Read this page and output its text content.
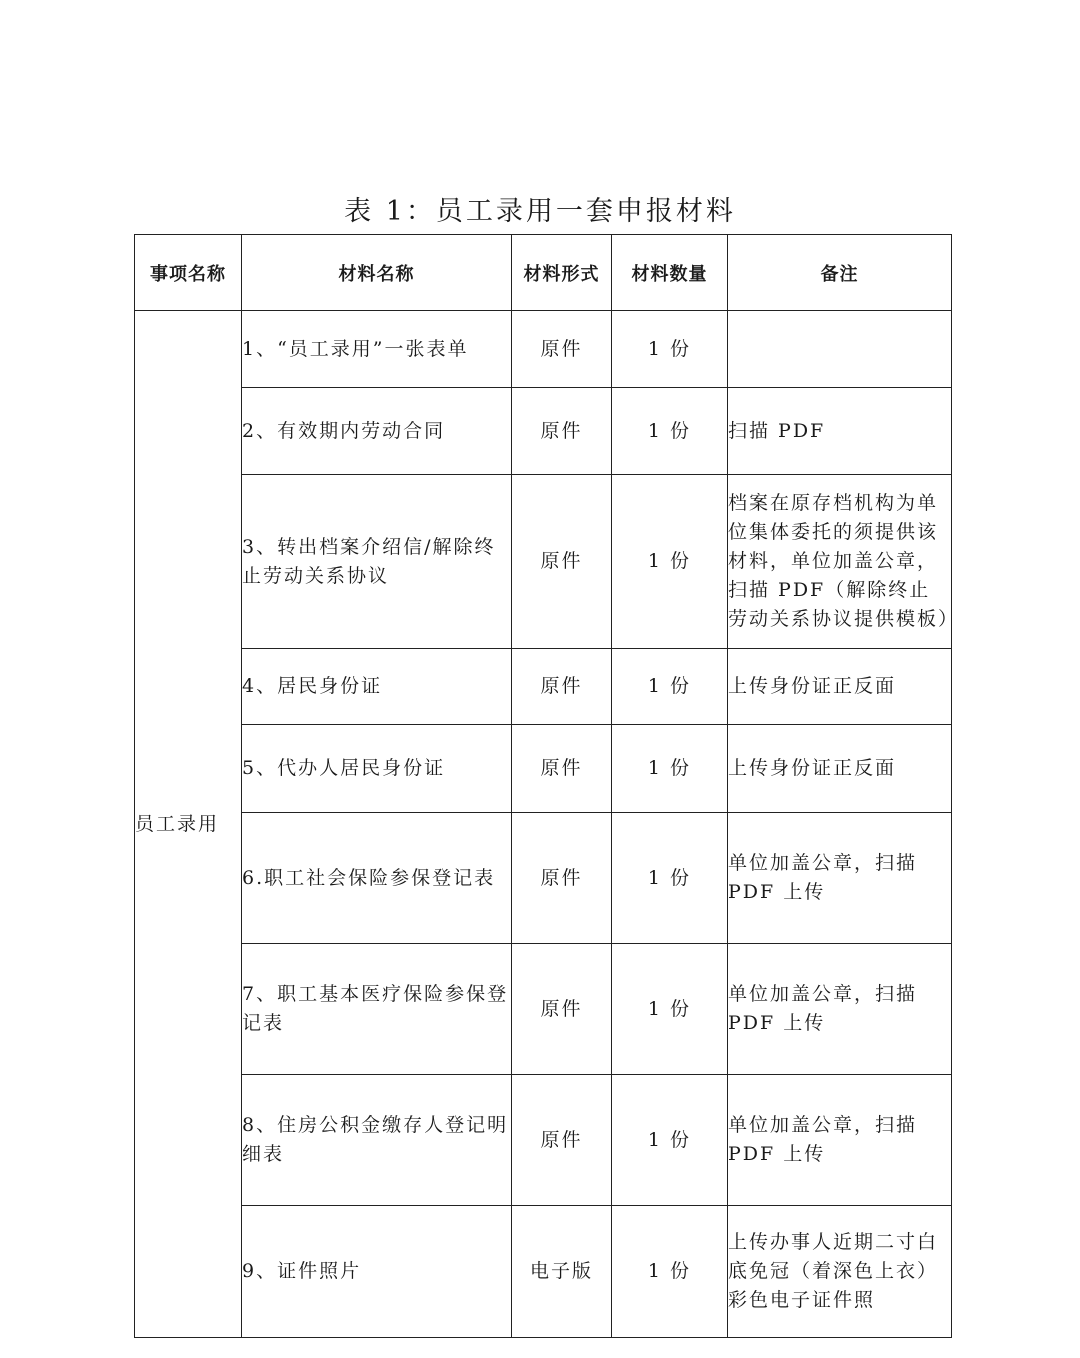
表 1：员工录用一套申报材料
事项名称	材料名称	材料形式	材料数量	备注
员工录用	1、“员工录用”一张表单	原件	1 份	
	2、有效期内劳动合同	原件	1 份	扫描 PDF
	3、转出档案介绍信/解除终止劳动关系协议	原件	1 份	档案在原存档机构为单位集体委托的须提供该材料，单位加盖公章，扫描 PDF（解除终止劳动关系协议提供模板）
	4、居民身份证	原件	1 份	上传身份证正反面
	5、代办人居民身份证	原件	1 份	上传身份证正反面
	6.职工社会保险参保登记表	原件	1 份	单位加盖公章，扫描 PDF 上传
	7、职工基本医疗保险参保登记表	原件	1 份	单位加盖公章，扫描 PDF 上传
	8、住房公积金缴存人登记明细表	原件	1 份	单位加盖公章，扫描 PDF 上传
	9、证件照片	电子版	1 份	上传办事人近期二寸白底免冠（着深色上衣）彩色电子证件照
